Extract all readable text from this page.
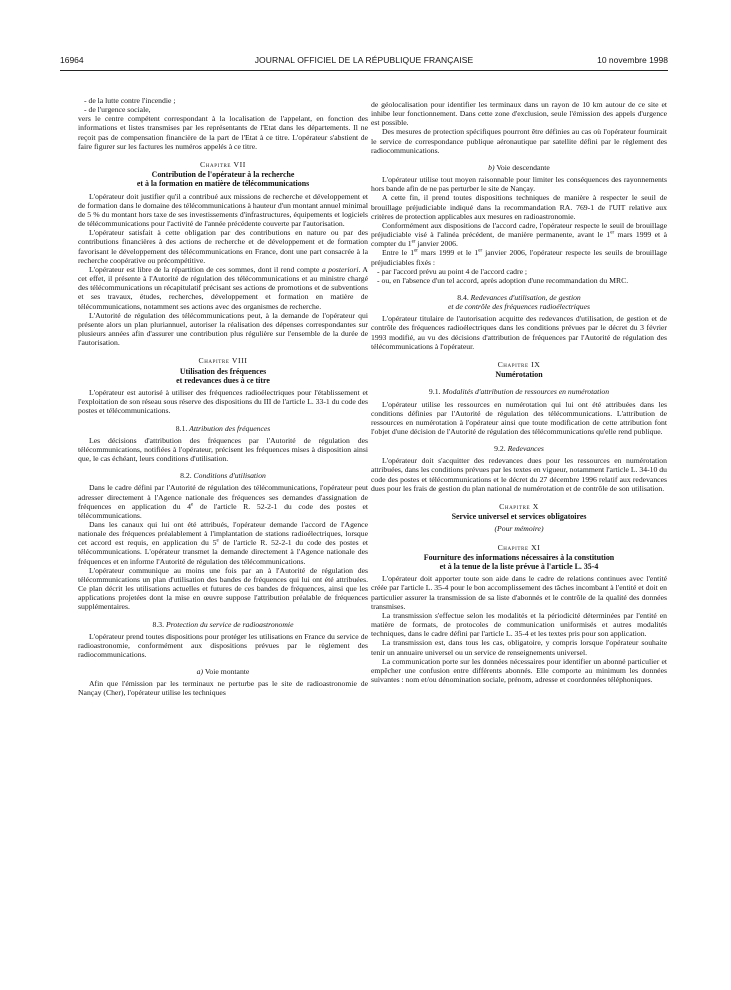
16964	JOURNAL OFFICIEL DE LA RÉPUBLIQUE FRANÇAISE	10 novembre 1998

- de la lutte contre l'incendie ;

- de l'urgence sociale,

vers le centre compétent correspondant à la localisation de l'appelant, en fonction des informations et listes transmises par les représentants de l'Etat dans les départements. Il ne reçoit pas de compensation financière de la part de l'Etat à ce titre. L'opérateur s'abstient de faire figurer sur les factures les numéros appelés à ce titre.

Chapitre VII
Contribution de l'opérateur à la recherche
et à la formation en matière de télécommunications

L'opérateur doit justifier qu'il a contribué aux missions de recherche et développement et de formation dans le domaine des télécommunications à hauteur d'un montant annuel minimal de 5 % du montant hors taxe de ses investissements d'infrastructures, équipements et logiciels de télécommunications pour l'activité de l'année précédente couverte par l'autorisation.

L'opérateur satisfait à cette obligation par des contributions en nature ou par des contributions financières à des actions de recherche et de développement et de formation favorisant le développement des télécommunications en France, dont une part consacrée à la recherche coopérative ou précompétitive.

L'opérateur est libre de la répartition de ces sommes, dont il rend compte a posteriori. A cet effet, il présente à l'Autorité de régulation des télécommunications et au ministre chargé des télécommunications un récapitulatif précisant ses actions de promotions et de subventions et ses travaux, études, recherches, développement et formation en matière de télécommunications, notamment ses actions avec des organismes de recherche.

L'Autorité de régulation des télécommunications peut, à la demande de l'opérateur qui présente alors un plan pluriannuel, autoriser la réalisation des dépenses correspondantes sur plusieurs années afin d'assurer une contribution plus régulière sur l'ensemble de la durée de l'autorisation.

Chapitre VIII
Utilisation des fréquences
et redevances dues à ce titre

L'opérateur est autorisé à utiliser des fréquences radioélectriques pour l'établissement et l'exploitation de son réseau sous réserve des dispositions du III de l'article L. 33-1 du code des postes et télécommunications.

8.1. Attribution des fréquences

Les décisions d'attribution des fréquences par l'Autorité de régulation des télécommunications, notifiées à l'opérateur, précisent les fréquences mises à disposition ainsi que, le cas échéant, leurs conditions d'utilisation.

8.2. Conditions d'utilisation

Dans le cadre défini par l'Autorité de régulation des télécommunications, l'opérateur peut adresser directement à l'Agence nationale des fréquences ses demandes d'assignation de fréquences en application du 4e de l'article R. 52-2-1 du code des postes et télécommunications.

Dans les canaux qui lui ont été attribués, l'opérateur demande l'accord de l'Agence nationale des fréquences préalablement à l'implantation de stations radioélectriques, lorsque cet accord est requis, en application du 5e de l'article R. 52-2-1 du code des postes et télécommunications. L'opérateur transmet la demande directement à l'Agence nationale des fréquences et en informe l'Autorité de régulation des télécommunications.

L'opérateur communique au moins une fois par an à l'Autorité de régulation des télécommunications un plan d'utilisation des bandes de fréquences qui lui ont été attribuées. Ce plan décrit les utilisations actuelles et futures de ces bandes de fréquences, ainsi que les applications projetées dont la mise en œuvre suppose l'attribution préalable de fréquences supplémentaires.

8.3. Protection du service de radioastronomie

L'opérateur prend toutes dispositions pour protéger les utilisations en France du service de radioastronomie, conformément aux dispositions prévues par le règlement des radiocommunications.

a) Voie montante

Afin que l'émission par les terminaux ne perturbe pas le site de radioastronomie de Nançay (Cher), l'opérateur utilise les techniques

de géolocalisation pour identifier les terminaux dans un rayon de 10 km autour de ce site et inhibe leur fonctionnement. Dans cette zone d'exclusion, seule l'émission des appels d'urgence est possible.

Des mesures de protection spécifiques pourront être définies au cas où l'opérateur fournirait le service de correspondance publique aéronautique par satellite défini par le règlement des radiocommunications.

b) Voie descendante

L'opérateur utilise tout moyen raisonnable pour limiter les conséquences des rayonnements hors bande afin de ne pas perturber le site de Nançay.

A cette fin, il prend toutes dispositions techniques de manière à respecter le seuil de brouillage préjudiciable indiqué dans la recommandation RA. 769-1 de l'UIT relative aux critères de protection applicables aux mesures en radioastronomie.

Conformément aux dispositions de l'accord cadre, l'opérateur respecte le seuil de brouillage préjudiciable visé à l'alinéa précédent, de manière permanente, avant le 1er mars 1999 et à compter du 1er janvier 2006.

Entre le 1er mars 1999 et le 1er janvier 2006, l'opérateur respecte les seuils de brouillage préjudiciables fixés :

- par l'accord prévu au point 4 de l'accord cadre ;

- ou, en l'absence d'un tel accord, après adoption d'une recommandation du MRC.

8.4. Redevances d'utilisation, de gestion
et de contrôle des fréquences radioélectriques

L'opérateur titulaire de l'autorisation acquitte des redevances d'utilisation, de gestion et de contrôle des fréquences radioélectriques dans les conditions prévues par le décret du 3 février 1993 modifié, au vu des décisions d'attribution de fréquences par l'Autorité de régulation des télécommunications à l'opérateur.

Chapitre IX
Numérotation
9.1. Modalités d'attribution de ressources en numérotation

L'opérateur utilise les ressources en numérotation qui lui ont été attribuées dans les conditions définies par l'Autorité de régulation des télécommunications. L'attribution de ressources en numérotation à l'opérateur ainsi que toute modification de cette attribution font l'objet d'une décision de l'Autorité de régulation des télécommunications qu'elle rend publique.

9.2. Redevances

L'opérateur doit s'acquitter des redevances dues pour les ressources en numérotation attribuées, dans les conditions prévues par les textes en vigueur, notamment l'article L. 34-10 du code des postes et télécommunications et le décret du 27 décembre 1996 relatif aux redevances dues pour les frais de gestion du plan national de numérotation et de contrôle de son utilisation.

Chapitre X
Service universel et services obligatoires
(Pour mémoire)
Chapitre XI
Fourniture des informations nécessaires à la constitution
et à la tenue de la liste prévue à l'article L. 35-4

L'opérateur doit apporter toute son aide dans le cadre de relations continues avec l'entité créée par l'article L. 35-4 pour le bon accomplissement des tâches incombant à l'entité et doit en particulier assurer la transmission de sa liste d'abonnés et le contrôle de la qualité des données transmises.

La transmission s'effectue selon les modalités et la périodicité déterminées par l'entité en matière de formats, de protocoles de communication uniformisés et autres modalités techniques, dans le cadre défini par l'article L. 35-4 et les textes pris pour son application.

La transmission est, dans tous les cas, obligatoire, y compris lorsque l'opérateur souhaite tenir un annuaire universel ou un service de renseignements universel.

La communication porte sur les données nécessaires pour identifier un abonné particulier et empêcher une confusion entre différents abonnés. Elle comporte au minimum les données suivantes : nom et/ou dénomination sociale, prénom, adresse et coordonnées téléphoniques.
